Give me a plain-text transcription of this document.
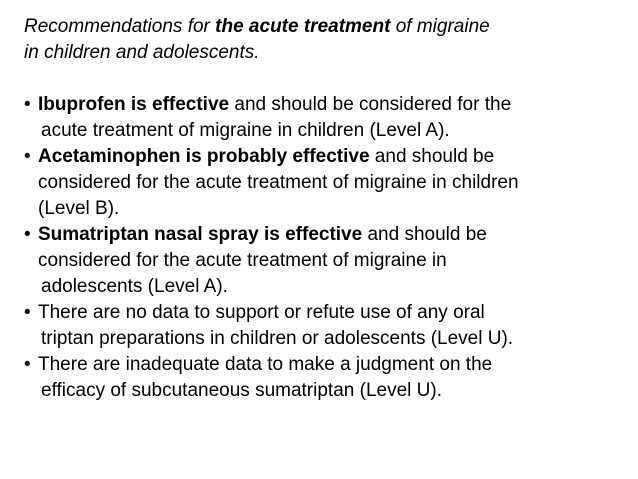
Recommendations for the acute treatment of migraine
in children and adolescents.

• Ibuprofen is effective and should be considered for the
acute treatment of migraine in children (Level A).
• Acetaminophen is probably effective and should be
considered for the acute treatment of migraine in children
(Level B).
• Sumatriptan nasal spray is effective and should be
considered for the acute treatment of migraine in
adolescents (Level A).
• There are no data to support or refute use of any oral
triptan preparations in children or adolescents (Level U).
• There are inadequate data to make a judgment on the
efficacy of subcutaneous sumatriptan (Level U).
